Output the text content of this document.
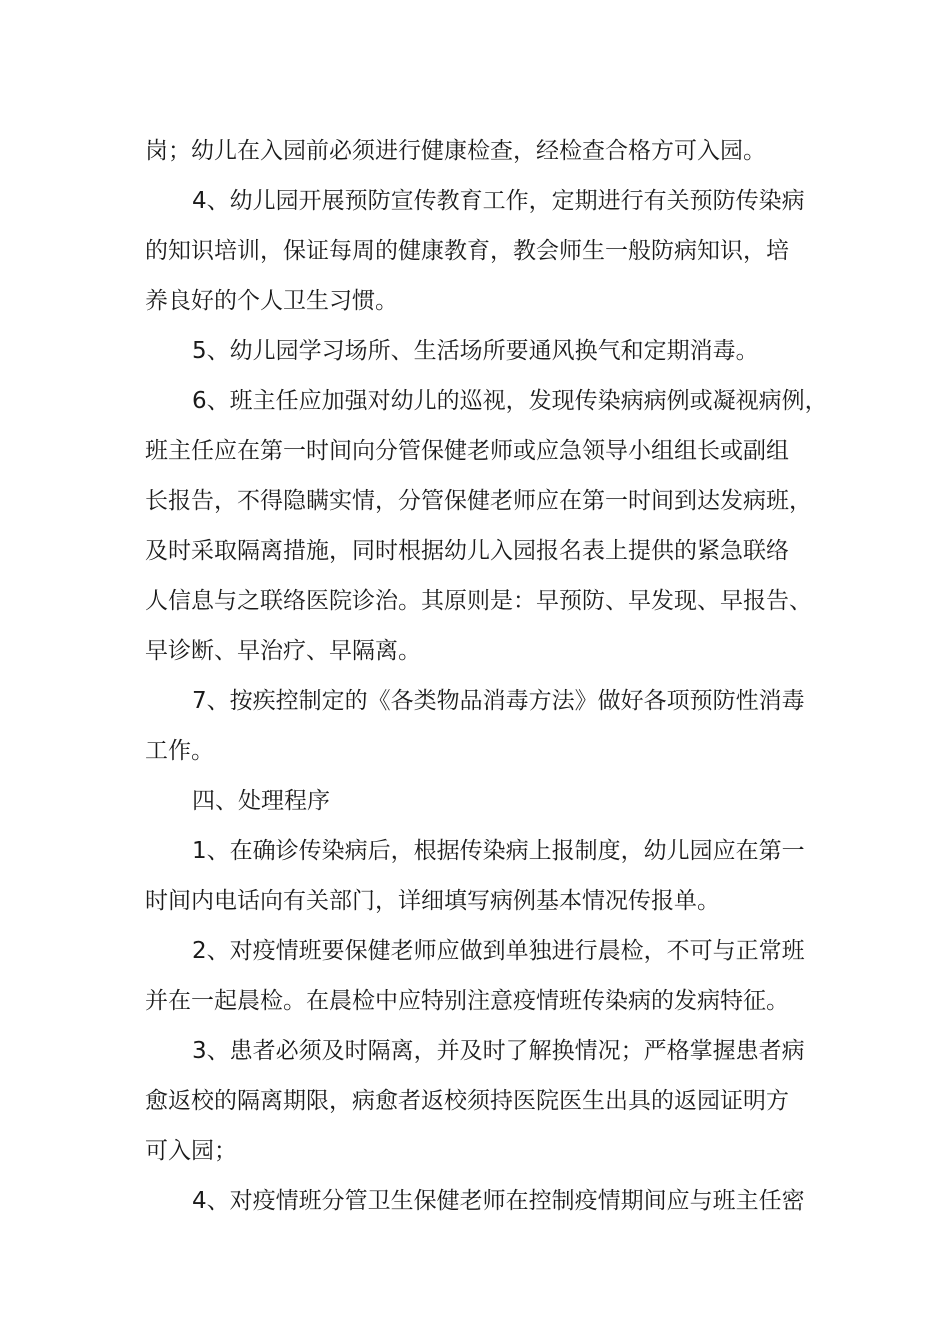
岗；幼儿在入园前必须进行健康检查，经检查合格方可入园。
4、幼儿园开展预防宣传教育工作，定期进行有关预防传染病
的知识培训，保证每周的健康教育，教会师生一般防病知识，培
养良好的个人卫生习惯。
5、幼儿园学习场所、生活场所要通风换气和定期消毒。
6、班主任应加强对幼儿的巡视，发现传染病病例或凝视病例，
班主任应在第一时间向分管保健老师或应急领导小组组长或副组
长报告，不得隐瞒实情，分管保健老师应在第一时间到达发病班，
及时采取隔离措施，同时根据幼儿入园报名表上提供的紧急联络
人信息与之联络医院诊治。其原则是：早预防、早发现、早报告、
早诊断、早治疗、早隔离。
7、按疾控制定的《各类物品消毒方法》做好各项预防性消毒
工作。
四、处理程序
1、在确诊传染病后，根据传染病上报制度，幼儿园应在第一
时间内电话向有关部门，详细填写病例基本情况传报单。
2、对疫情班要保健老师应做到单独进行晨检，不可与正常班
并在一起晨检。在晨检中应特别注意疫情班传染病的发病特征。
3、患者必须及时隔离，并及时了解换情况；严格掌握患者病
愈返校的隔离期限，病愈者返校须持医院医生出具的返园证明方
可入园；
4、对疫情班分管卫生保健老师在控制疫情期间应与班主任密
